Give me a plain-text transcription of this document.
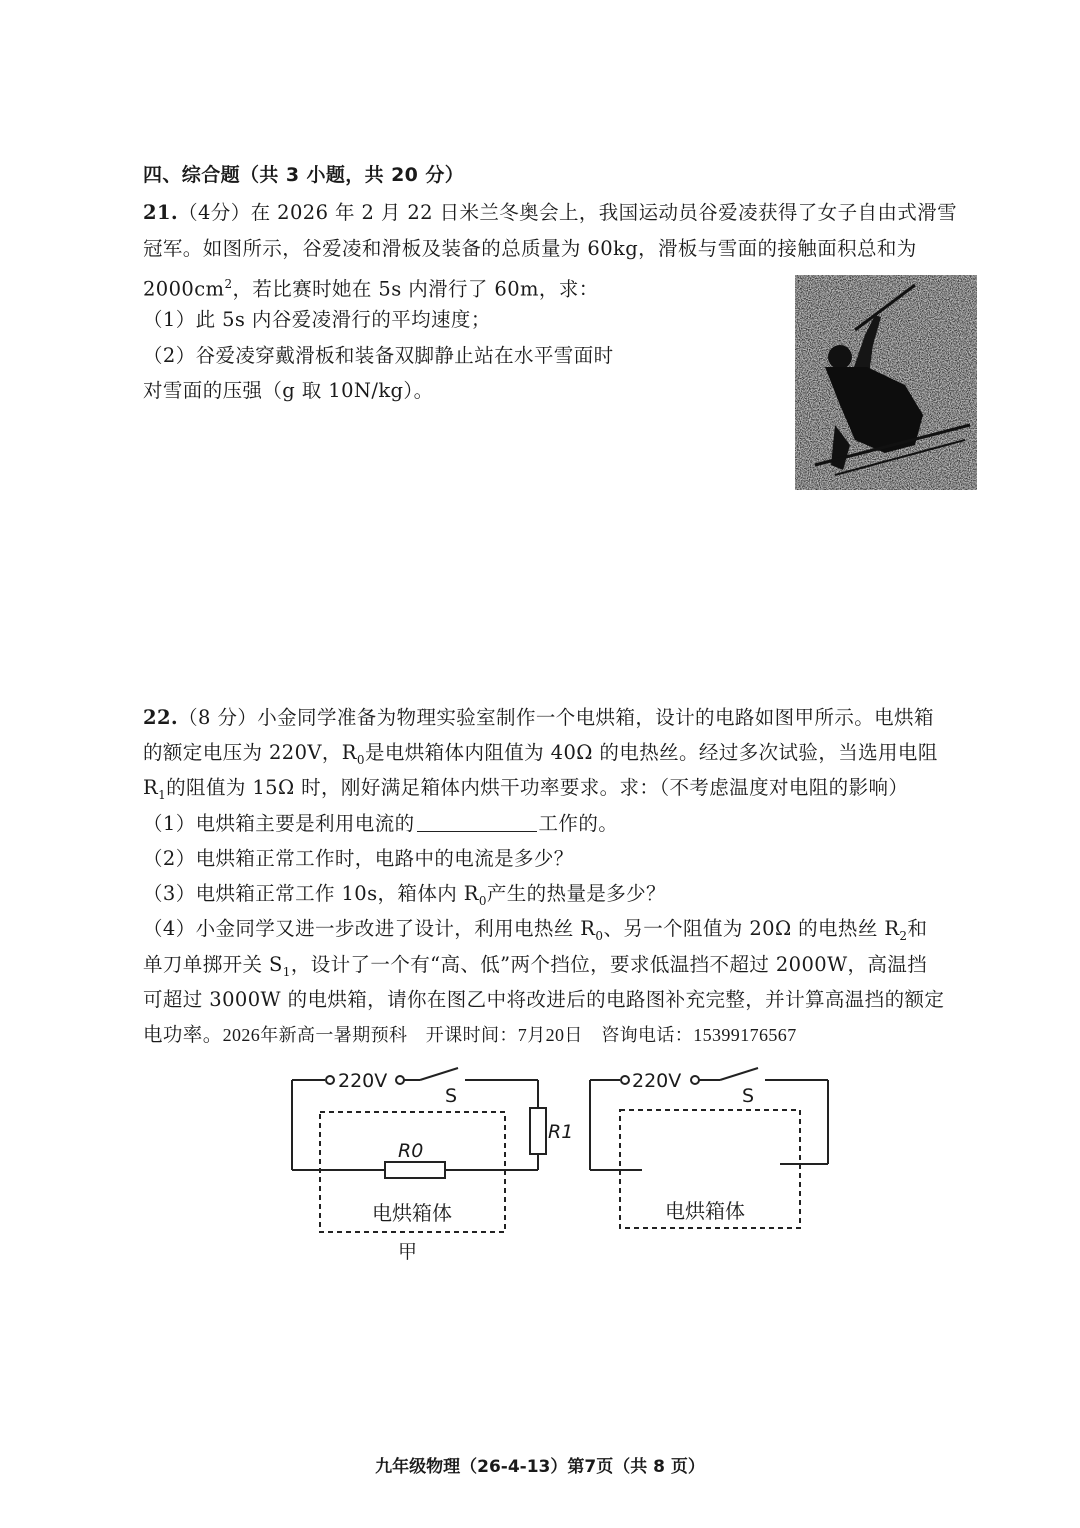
四、综合题（共 3 小题，共 20 分）
21.（4分）在 2026 年 2 月 22 日米兰冬奥会上，我国运动员谷爱凌获得了女子自由式滑雪
冠军。如图所示，谷爱凌和滑板及装备的总质量为 60kg，滑板与雪面的接触面积总和为
$2000cm^2$，若比赛时她在 5s 内滑行了 60m，求：
（1）此 5s 内谷爱凌滑行的平均速度；
（2）谷爱凌穿戴滑板和装备双脚静止站在水平雪面时
对雪面的压强（g 取 10N/kg）。
22.（8 分）小金同学准备为物理实验室制作一个电烘箱，设计的电路如图甲所示。电烘箱
的额定电压为 220V，$R_0$是电烘箱体内阻值为 40Ω 的电热丝。经过多次试验，当选用电阻
$R_1$的阻值为 15Ω 时，刚好满足箱体内烘干功率要求。求：（不考虑温度对电阻的影响）
（1）电烘箱主要是利用电流的	工作的。
（2）电烘箱正常工作时，电路中的电流是多少？
（3）电烘箱正常工作 10s，箱体内 $R_0$产生的热量是多少？
（4）小金同学又进一步改进了设计，利用电热丝 $R_0$、另一个阻值为 20Ω 的电热丝 $R_2$和
单刀单掷开关 $S_1$，设计了一个有“高、低”两个挡位，要求低温挡不超过 2000W，高温挡
可超过 3000W 的电烘箱，请你在图乙中将改进后的电路图补充完整，并计算高温挡的额定
电功率。2026年新高一暑期预科　开课时间：7月20日　咨询电话：15399176567
220V
S
R1
R0
电烘箱体
甲
220V
S
电烘箱体
九年级物理（26-4-13）第7页（共 8 页）
